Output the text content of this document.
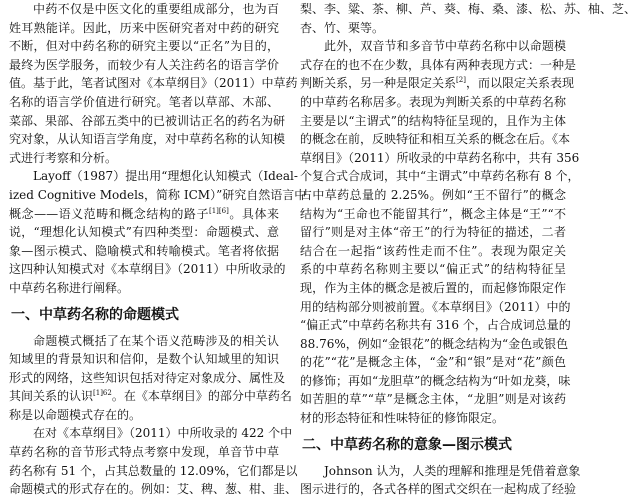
中药不仅是中医文化的重要组成部分，也为百
姓耳熟能详。因此，历来中医研究者对中药的研究
不断，但对中药名称的研究主要以“正名”为目的，
最终为医学服务，而较少有人关注药名的语言学价
值。基于此，笔者试图对《本草纲目》（2011）中草药
名称的语言学价值进行研究。笔者以草部、木部、
菜部、果部、谷部五类中的已被训诂正名的药名为研
究对象，从认知语言学角度，对中草药名称的认知模
式进行考察和分析。
Layoff（1987）提出用“理想化认知模式（Ideal-
ized Cognitive Models，简称 ICM）”研究自然语言中
概念——语义范畴和概念结构的路子[1][6]。具体来
说，“理想化认知模式”有四种类型：命题模式、意
象—图示模式、隐喻模式和转喻模式。笔者将依据
这四种认知模式对《本草纲目》（2011）中所收录的
中草药名称进行阐释。
一、中草药名称的命题模式
命题模式概括了在某个语义范畴涉及的相关认
知域里的背景知识和信仰，是数个认知域里的知识
形式的网络，这些知识包括对待定对象成分、属性及
其间关系的认识$^{[1]62}$。在《本草纲目》的部分中草药名
称是以命题模式存在的。
在对《本草纲目》（2011）中所收录的 422 个中
草药名称的音节形式特点考察中发现，单音节中草
药名称有 51 个，占其总数量的 12.09%，它们都是以
命题模式的形式存在的。例如：艾、稗、葱、柑、韭、
梨、李、粱、茶、柳、芦、葵、梅、桑、漆、松、苏、柚、芝、
杏、竹、栗等。
此外，双音节和多音节中草药名称中以命题模
式存在的也不在少数，具体有两种表现方式：一种是
判断关系，另一种是限定关系[2]，而以限定关系表现
的中草药名称居多。表现为判断关系的中草药名称
主要是以“主谓式”的结构特征呈现的，且作为主体
的概念在前，反映特征和相互关系的概念在后。《本
草纲目》（2011）所收录的中草药名称中，共有 356
个复合式合成词，其中“主谓式”中草药名称有 8 个，
占中草药总量的 2.25%。例如“王不留行”的概念
结构为“王命也不能留其行”，概念主体是“王”“不
留行”则是对主体“帝王”的行为特征的描述，二者
结合在一起指“该药性走而不住”。表现为限定关
系的中草药名称则主要以“偏正式”的结构特征呈
现，作为主体的概念是被后置的，而起修饰限定作
用的结构部分则被前置。《本草纲目》（2011）中的
“偏正式”中草药名称共有 316 个，占合成词总量的
88.76%，例如“金银花”的概念结构为“金色或银色
的花”“花”是概念主体，“金”和“银”是对“花”颜色
的修饰；再如“龙胆草”的概念结构为“叶如龙葵，味
如苦胆的草”“草”是概念主体，“龙胆”则是对该药
材的形态特征和性味特征的修饰限定。
二、中草药名称的意象—图示模式
Johnson 认为，人类的理解和推理是凭借着意象
图示进行的，各式各样的图式交织在一起构成了经验
